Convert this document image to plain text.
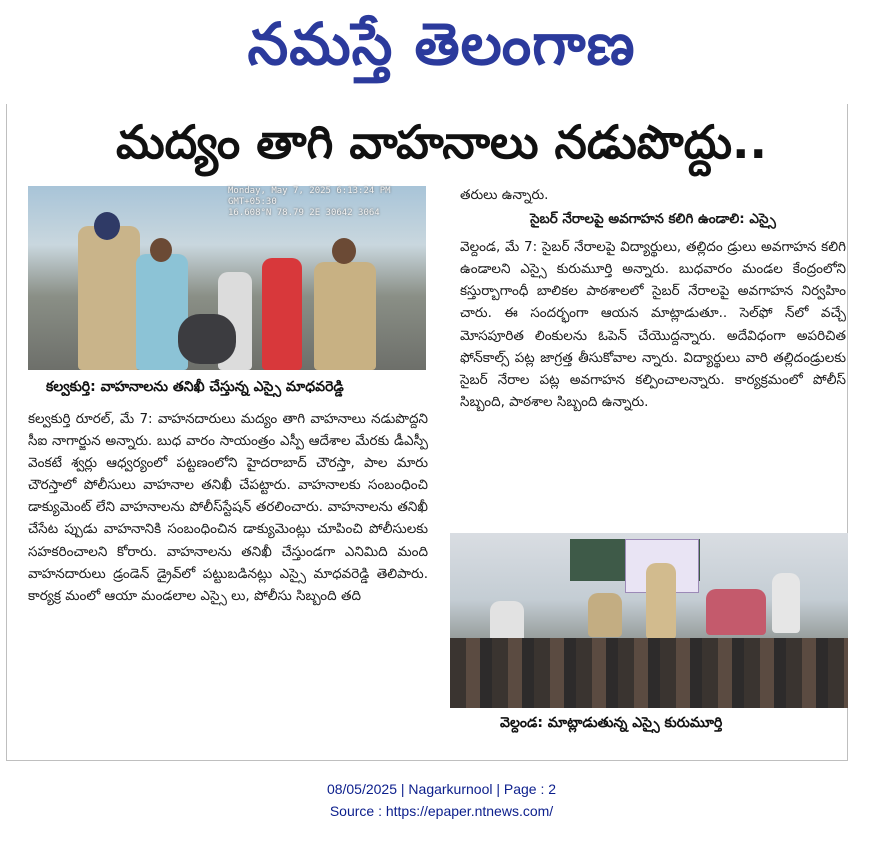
నమస్తే తెలంగాణ
మద్యం తాగి వాహనాలు నడుపొద్దు..
Monday, May 7, 2025 6:13:24 PM GMT+05:30
16.608°N 78.79 2E 30642 3064
కల్వకుర్తి: వాహనాలను తనిఖీ చేస్తున్న ఎస్సై మాధవరెడ్డి

కల్వకుర్తి రూరల్, మే 7: వాహనదారులు మద్యం తాగి వాహనాలు నడుపొద్దని సీఐ నాగార్జున అన్నారు. బుధ వారం సాయంత్రం ఎస్పీ ఆదేశాల మేరకు డీఎస్పీ వెంకటే శ్వర్లు ఆధ్వర్యంలో పట్టణంలోని హైదరాబాద్ చౌరస్తా, పాల మారు చౌరస్తాలో పోలీసులు వాహనాల తనిఖీ చేపట్టారు. వాహనాలకు సంబంధించి డాక్యుమెంట్ లేని వాహనాలను పోలీస్‌స్టేషన్ తరలించారు. వాహనాలను తనిఖీ చేసేట ప్పుడు వాహనానికి సంబంధించిన డాక్యుమెంట్లు చూపించి పోలీసులకు సహకరించాలని కోరారు. వాహనాలను తనిఖీ చేస్తుండగా ఎనిమిది మంది వాహనదారులు డ్రండెన్ డ్రైవ్‌లో పట్టుబడినట్లు ఎస్సై మాధవరెడ్డి తెలిపారు. కార్యక్ర మంలో ఆయా మండలాల ఎస్సై లు, పోలీసు సిబ్బంది తది

తరులు ఉన్నారు.

సైబర్ నేరాలపై అవగాహన కలిగి ఉండాలి: ఎస్సై

వెల్దండ, మే 7: సైబర్ నేరాలపై విద్యార్థులు, తల్లిదం డ్రులు అవగాహన కలిగి ఉండాలని ఎస్సై కురుమూర్తి అన్నారు. బుధవారం మండల కేంద్రంలోని కస్తుర్బాగాంధీ బాలికల పాఠశాలలో సైబర్ నేరాలపై అవగాహన నిర్వహిం చారు. ఈ సందర్భంగా ఆయన మాట్లాడుతూ.. సెల్‌ఫో న్‌లో వచ్చే మోసపూరిత లింకులను ఓపెన్ చేయొద్దన్నారు. అదేవిధంగా అపరిచిత ఫోన్‌కాల్స్ పట్ల జాగ్రత్త తీసుకోవాల న్నారు. విద్యార్థులు వారి తల్లిదండ్రులకు సైబర్ నేరాల పట్ల అవగాహన కల్పించాలన్నారు. కార్యక్రమంలో పోలీస్ సిబ్బంది, పాఠశాల సిబ్బంది ఉన్నారు.

వెల్దండ: మాట్లాడుతున్న ఎస్సై కురుమూర్తి
08/05/2025 | Nagarkurnool | Page : 2
Source : https://epaper.ntnews.com/
